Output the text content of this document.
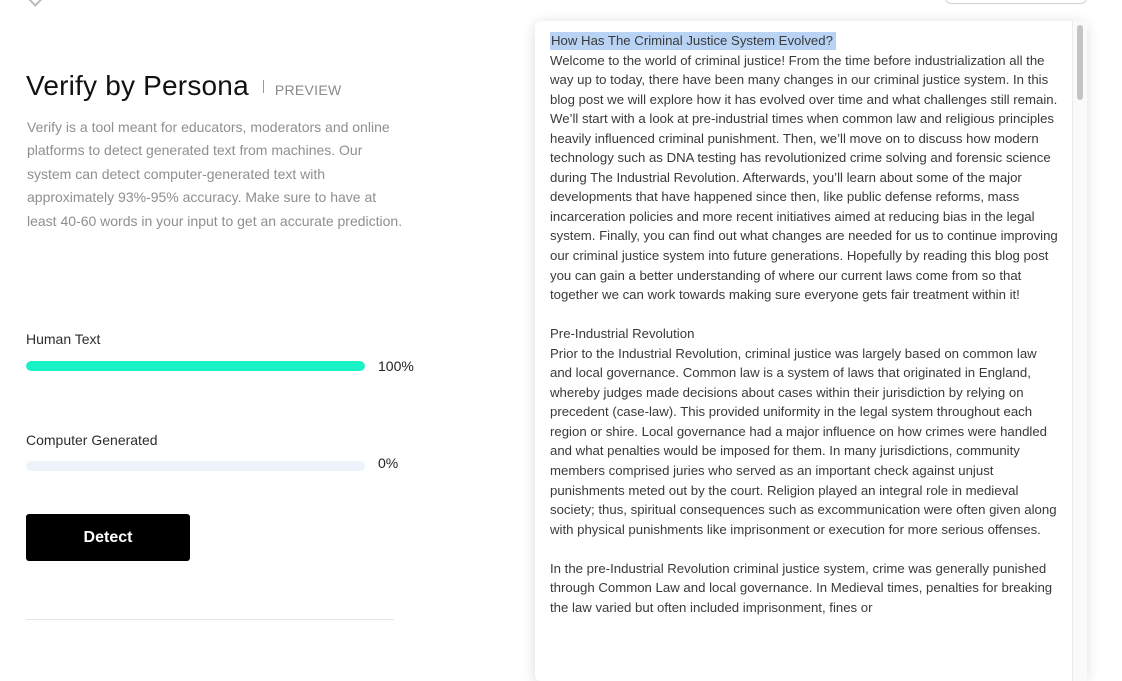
Verify by Persona PREVIEW
Verify is a tool meant for educators, moderators and online platforms to detect generated text from machines. Our system can detect computer-generated text with approximately 93%-95% accuracy. Make sure to have at least 40-60 words in your input to get an accurate prediction.
Human Text
100%
Computer Generated
0%
Detect
How Has The Criminal Justice System Evolved?

Welcome to the world of criminal justice! From the time before industrialization all the way up to today, there have been many changes in our criminal justice system. In this blog post we will explore how it has evolved over time and what challenges still remain. We’ll start with a look at pre-industrial times when common law and religious principles heavily influenced criminal punishment. Then, we’ll move on to discuss how modern technology such as DNA testing has revolutionized crime solving and forensic science during The Industrial Revolution. Afterwards, you’ll learn about some of the major developments that have happened since then, like public defense reforms, mass incarceration policies and more recent initiatives aimed at reducing bias in the legal system. Finally, you can find out what changes are needed for us to continue improving our criminal justice system into future generations. Hopefully by reading this blog post you can gain a better understanding of where our current laws come from so that together we can work towards making sure everyone gets fair treatment within it!

Pre-Industrial Revolution

Prior to the Industrial Revolution, criminal justice was largely based on common law and local governance. Common law is a system of laws that originated in England, whereby judges made decisions about cases within their jurisdiction by relying on precedent (case-law). This provided uniformity in the legal system throughout each region or shire. Local governance had a major influence on how crimes were handled and what penalties would be imposed for them. In many jurisdictions, community members comprised juries who served as an important check against unjust punishments meted out by the court. Religion played an integral role in medieval society; thus, spiritual consequences such as excommunication were often given along with physical punishments like imprisonment or execution for more serious offenses.

In the pre-Industrial Revolution criminal justice system, crime was generally punished through Common Law and local governance. In Medieval times, penalties for breaking the law varied but often included imprisonment, fines or
